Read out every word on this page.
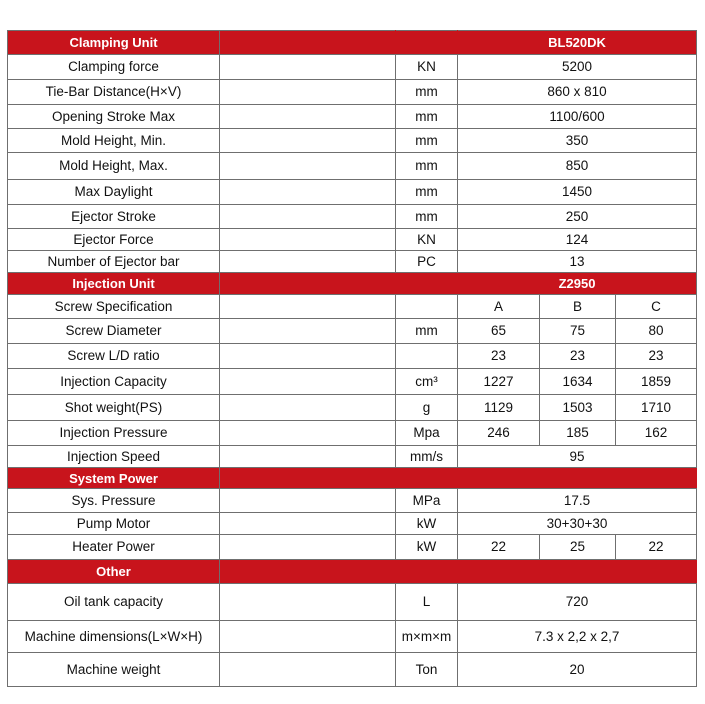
Clamping Unit			BL520DK		
Clamping force		KN	5200		
Tie-Bar Distance(H×V)		mm	860 x 810		
Opening Stroke Max		mm	1100/600		
Mold Height, Min.		mm	350		
Mold Height, Max.		mm	850		
Max Daylight		mm	1450		
Ejector Stroke		mm	250		
Ejector Force		KN	124		
Number of Ejector bar		PC	13		
Injection Unit			Z2950		
Screw Specification			A	B	C
Screw Diameter		mm	65	75	80
Screw L/D ratio			23	23	23
Injection Capacity		cm³	1227	1634	1859
Shot weight(PS)		g	1129	1503	1710
Injection Pressure		Mpa	246	185	162
Injection Speed		mm/s	95		
System Power					
Sys. Pressure		MPa	17.5		
Pump Motor		kW	30+30+30		
Heater Power		kW	22	25	22
Other					
Oil tank capacity		L	720		
Machine dimensions(L×W×H)		m×m×m	7.3 x 2,2 x 2,7		
Machine weight		Ton	20		
